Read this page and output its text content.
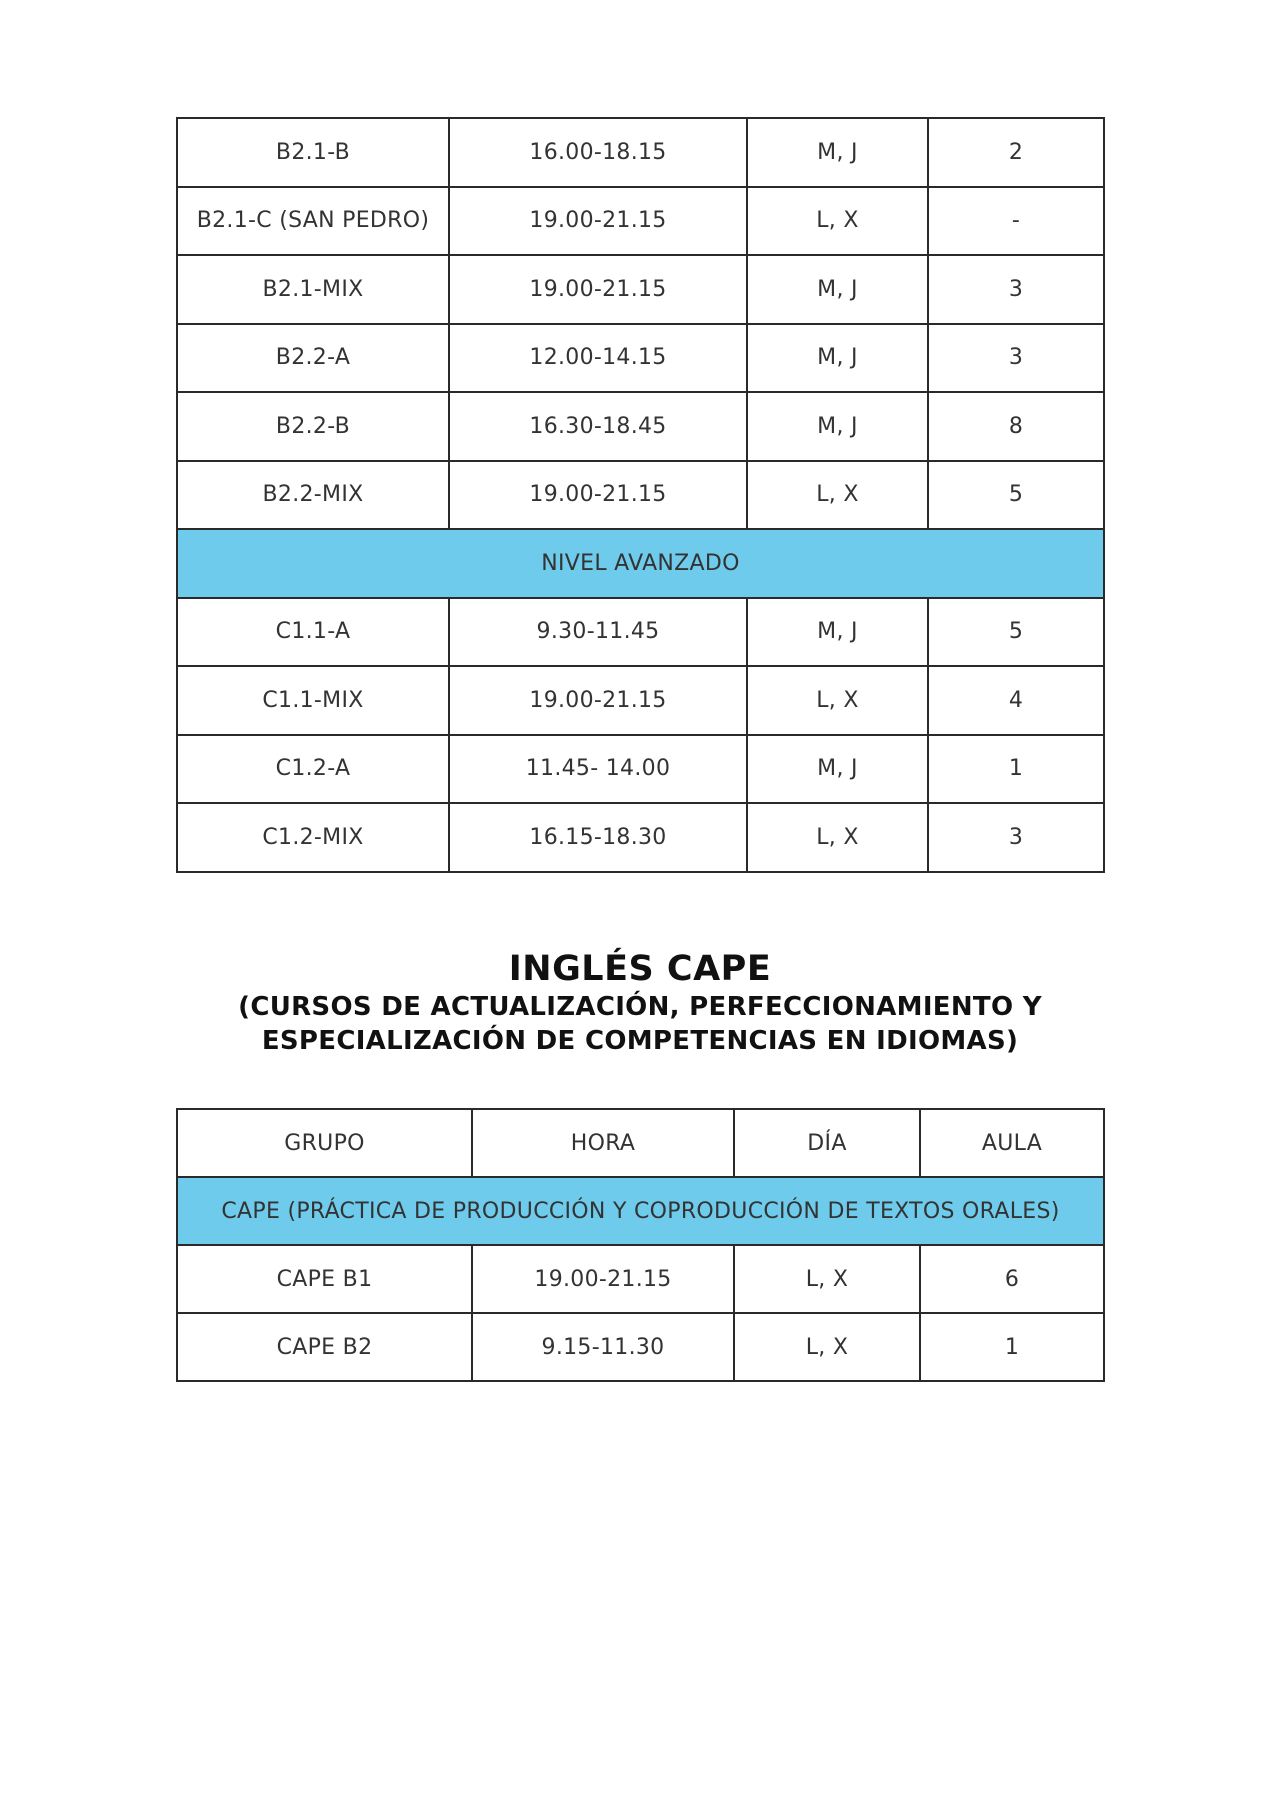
B2.1-B	16.00-18.15	M, J	2
B2.1-C (SAN PEDRO)	19.00-21.15	L, X	-
B2.1-MIX	19.00-21.15	M, J	3
B2.2-A	12.00-14.15	M, J	3
B2.2-B	16.30-18.45	M, J	8
B2.2-MIX	19.00-21.15	L, X	5
NIVEL AVANZADO			
C1.1-A	9.30-11.45	M, J	5
C1.1-MIX	19.00-21.15	L, X	4
C1.2-A	11.45- 14.00	M, J	1
C1.2-MIX	16.15-18.30	L, X	3
INGLÉS CAPE
(CURSOS DE ACTUALIZACIÓN, PERFECCIONAMIENTO Y
ESPECIALIZACIÓN DE COMPETENCIAS EN IDIOMAS)
GRUPO	HORA	DÍA	AULA
CAPE (PRÁCTICA DE PRODUCCIÓN Y COPRODUCCIÓN DE TEXTOS ORALES)			
CAPE B1	19.00-21.15	L, X	6
CAPE B2	9.15-11.30	L, X	1
